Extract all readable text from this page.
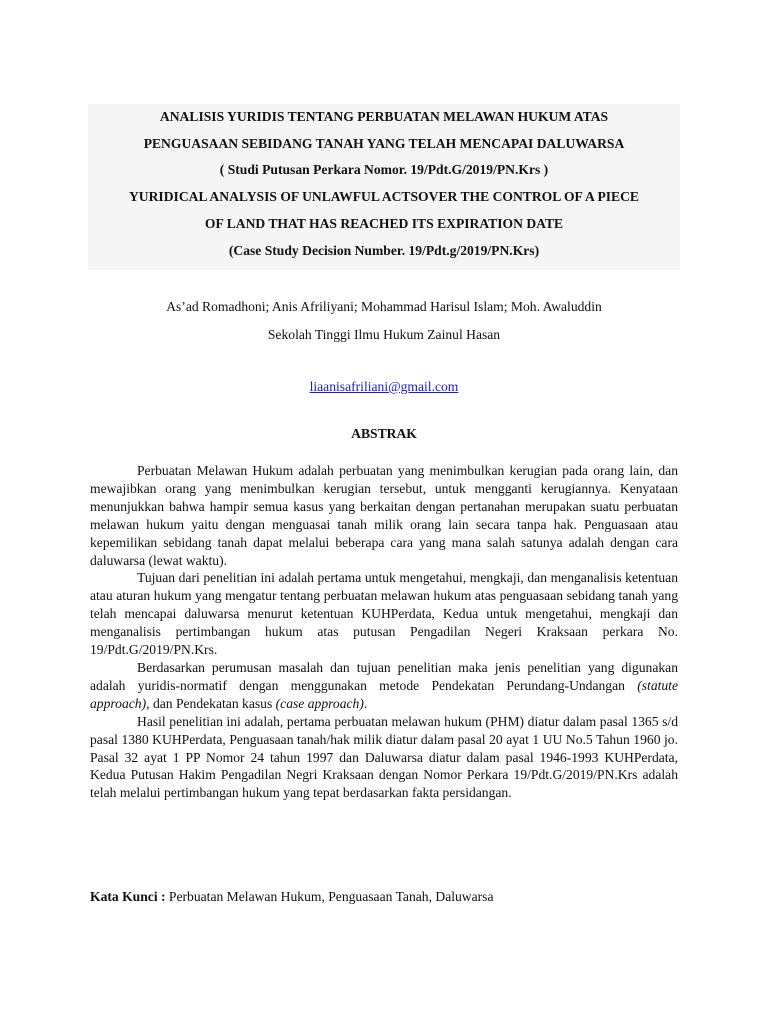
ANALISIS YURIDIS TENTANG PERBUATAN MELAWAN HUKUM ATAS

PENGUASAAN SEBIDANG TANAH YANG TELAH MENCAPAI DALUWARSA

( Studi Putusan Perkara Nomor. 19/Pdt.G/2019/PN.Krs )

YURIDICAL ANALYSIS OF UNLAWFUL ACTSOVER THE CONTROL OF A PIECE

OF LAND THAT HAS REACHED ITS EXPIRATION DATE

(Case Study Decision Number. 19/Pdt.g/2019/PN.Krs)

As’ad Romadhoni; Anis Afriliyani; Mohammad Harisul Islam; Moh. Awaluddin
Sekolah Tinggi Ilmu Hukum Zainul Hasan
liaanisafriliani@gmail.com
ABSTRAK

Perbuatan Melawan Hukum adalah perbuatan yang menimbulkan kerugian pada orang lain, dan mewajibkan orang yang menimbulkan kerugian tersebut, untuk mengganti kerugiannya. Kenyataan menunjukkan bahwa hampir semua kasus yang berkaitan dengan pertanahan merupakan suatu perbuatan melawan hukum yaitu dengan menguasai tanah milik orang lain secara tanpa hak. Penguasaan atau kepemilikan sebidang tanah dapat melalui beberapa cara yang mana salah satunya adalah dengan cara daluwarsa (lewat waktu).

Tujuan dari penelitian ini adalah pertama untuk mengetahui, mengkaji, dan menganalisis ketentuan atau aturan hukum yang mengatur tentang perbuatan melawan hukum atas penguasaan sebidang tanah yang telah mencapai daluwarsa menurut ketentuan KUHPerdata, Kedua untuk mengetahui, mengkaji dan menganalisis pertimbangan hukum atas putusan Pengadilan Negeri Kraksaan perkara No. 19/Pdt.G/2019/PN.Krs.

Berdasarkan perumusan masalah dan tujuan penelitian maka jenis penelitian yang digunakan adalah yuridis-normatif dengan menggunakan metode Pendekatan Perundang-Undangan (statute approach), dan Pendekatan kasus (case approach).

Hasil penelitian ini adalah, pertama perbuatan melawan hukum (PHM) diatur dalam pasal 1365 s/d pasal 1380 KUHPerdata, Penguasaan tanah/hak milik diatur dalam pasal 20 ayat 1 UU No.5 Tahun 1960 jo. Pasal 32 ayat 1 PP Nomor 24 tahun 1997 dan Daluwarsa diatur dalam pasal 1946-1993 KUHPerdata, Kedua Putusan Hakim Pengadilan Negri Kraksaan dengan Nomor Perkara 19/Pdt.G/2019/PN.Krs adalah telah melalui pertimbangan hukum yang tepat berdasarkan fakta persidangan.

Kata Kunci : Perbuatan Melawan Hukum, Penguasaan Tanah, Daluwarsa
